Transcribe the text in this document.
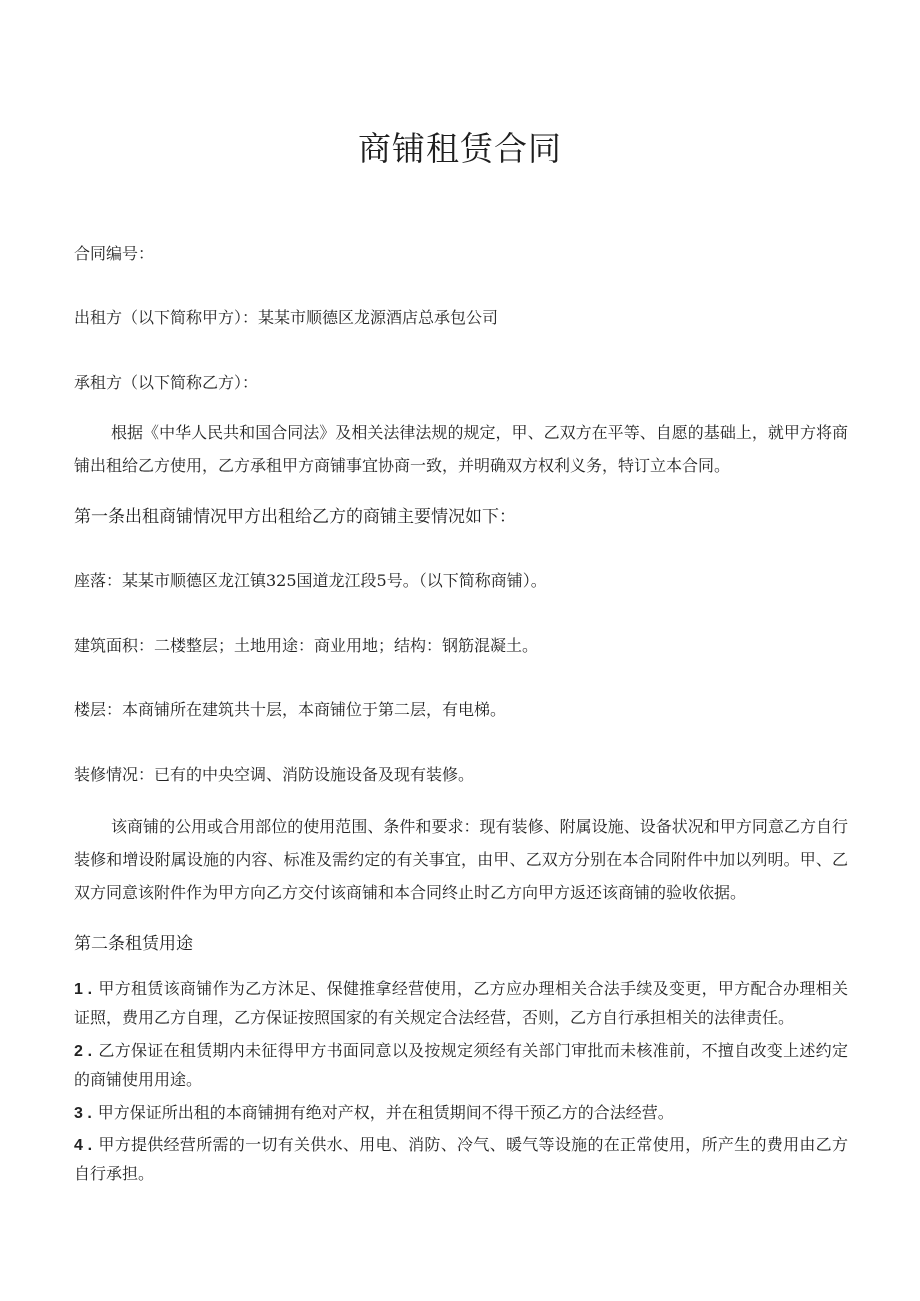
商铺租赁合同
合同编号：
出租方（以下简称甲方）：某某市顺德区龙源酒店总承包公司
承租方（以下简称乙方）：
根据《中华人民共和国合同法》及相关法律法规的规定，甲、乙双方在平等、自愿的基础上，就甲方将商铺出租给乙方使用，乙方承租甲方商铺事宜协商一致，并明确双方权利义务，特订立本合同。
第一条出租商铺情况甲方出租给乙方的商铺主要情况如下：
座落：某某市顺德区龙江镇325国道龙江段5号。（以下简称商铺）。
建筑面积：二楼整层；土地用途：商业用地；结构：钢筋混凝土。
楼层：本商铺所在建筑共十层，本商铺位于第二层，有电梯。
装修情况：已有的中央空调、消防设施设备及现有装修。
该商铺的公用或合用部位的使用范围、条件和要求：现有装修、附属设施、设备状况和甲方同意乙方自行装修和增设附属设施的内容、标准及需约定的有关事宜，由甲、乙双方分别在本合同附件中加以列明。甲、乙双方同意该附件作为甲方向乙方交付该商铺和本合同终止时乙方向甲方返还该商铺的验收依据。
第二条租赁用途
1 . 甲方租赁该商铺作为乙方沐足、保健推拿经营使用，乙方应办理相关合法手续及变更，甲方配合办理相关证照，费用乙方自理，乙方保证按照国家的有关规定合法经营，否则，乙方自行承担相关的法律责任。
2 . 乙方保证在租赁期内未征得甲方书面同意以及按规定须经有关部门审批而未核准前，不擅自改变上述约定的商铺使用用途。
3 . 甲方保证所出租的本商铺拥有绝对产权，并在租赁期间不得干预乙方的合法经营。
4 . 甲方提供经营所需的一切有关供水、用电、消防、冷气、暖气等设施的在正常使用，所产生的费用由乙方自行承担。
